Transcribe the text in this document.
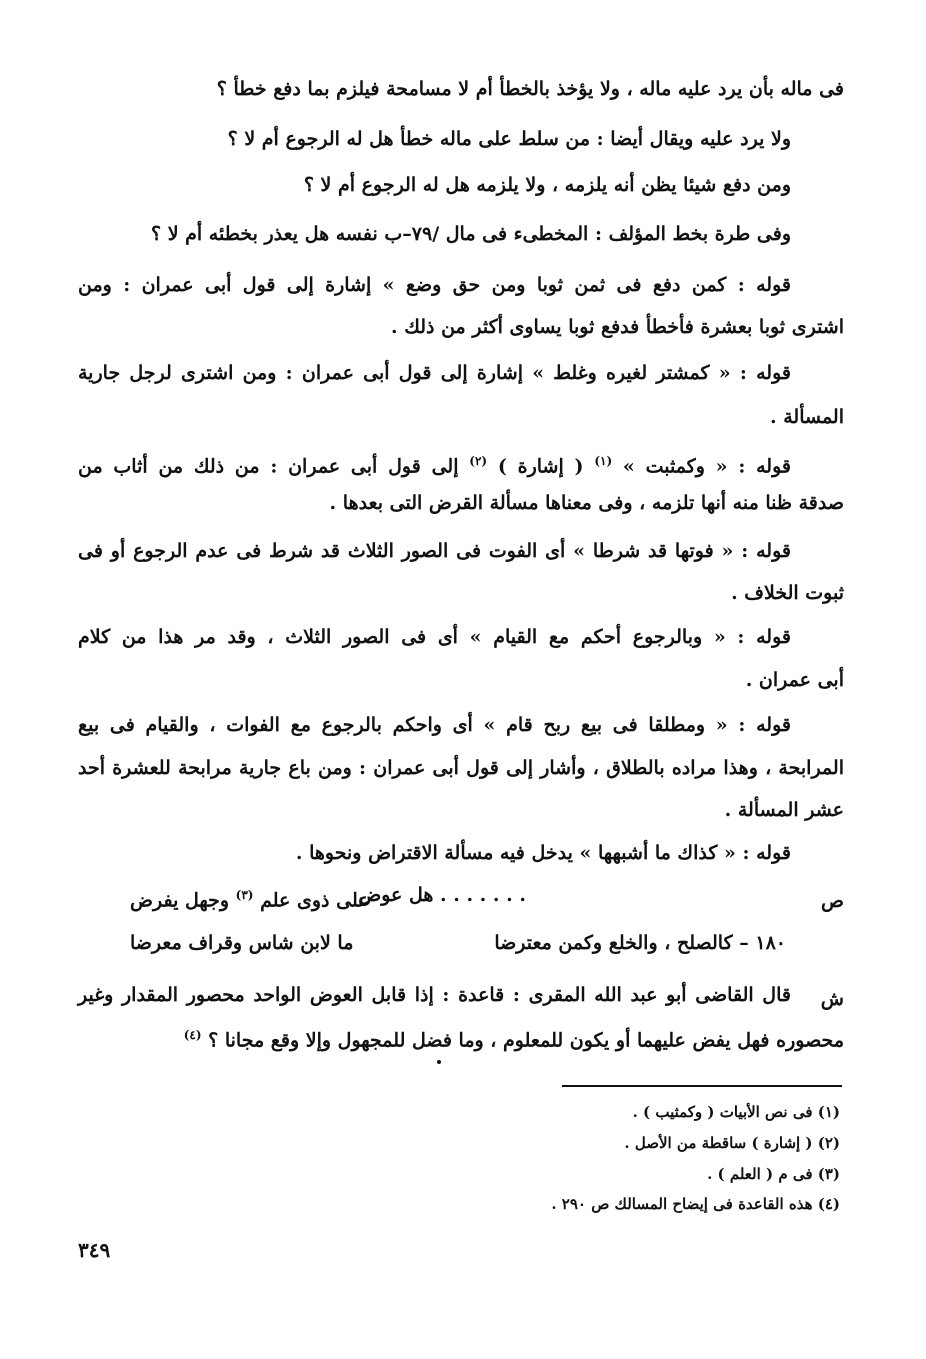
فى ماله بأن يرد عليه ماله ، ولا يؤخذ بالخطأ أم لا مسامحة فيلزم بما دفع خطأ ؟

ولا يرد عليه ويقال أيضا : من سلط على ماله خطأ هل له الرجوع أم لا ؟

ومن دفع شيئا يظن أنه يلزمه ، ولا يلزمه هل له الرجوع أم لا ؟

وفى طرة بخط المؤلف : المخطىء فى مال /٧٩–ب نفسه هل يعذر بخطئه أم لا ؟

قوله : كمن دفع فى ثمن ثوبا ومن حق وضع » إشارة إلى قول أبى عمران : ومن

اشترى ثوبا بعشرة فأخطأ فدفع ثوبا يساوى أكثر من ذلك .

قوله : « كمشتر لغيره وغلط » إشارة إلى قول أبى عمران : ومن اشترى لرجل جارية

المسألة .

قوله : « وكمثبت » $^{(١)}$ ( إشارة ) $^{(٢)}$ إلى قول أبى عمران : من ذلك من أثاب من

صدقة ظنا منه أنها تلزمه ، وفى معناها مسألة القرض التى بعدها .

قوله : « فوتها قد شرطا » أى الفوت فى الصور الثلاث قد شرط فى عدم الرجوع أو فى

ثبوت الخلاف .

قوله : « وبالرجوع أحكم مع القيام » أى فى الصور الثلاث ، وقد مر هذا من كلام

أبى عمران .

قوله : « ومطلقا فى بيع ربح قام » أى واحكم بالرجوع مع الفوات ، والقيام فى بيع

المرابحة ، وهذا مراده بالطلاق ، وأشار إلى قول أبى عمران : ومن باع جارية مرابحة للعشرة أحد

عشر المسألة .

قوله : « كذاك ما أشبهها » يدخل فيه مسألة الاقتراض ونحوها .

ص
. . . . . . . هل عوض
على ذوى علم $^{(٣)}$ وجهل يفرض
١٨٠ – كالصلح ، والخلع وكمن معترضا
ما لابن شاس وقراف معرضا
ش

قال القاضى أبو عبد الله المقرى : قاعدة : إذا قابل العوض الواحد محصور المقدار وغير

محصوره فهل يفض عليهما أو يكون للمعلوم ، وما فضل للمجهول وإلا وقع مجانا ؟ $^{(٤)}$

(١) فى نص الأبيات ( وكمثيب ) .
(٢) ( إشارة ) ساقطة من الأصل .
(٣) فى م ( العلم ) .
(٤) هذه القاعدة فى إيضاح المسالك ص ٢٩٠ .
٣٤٩
